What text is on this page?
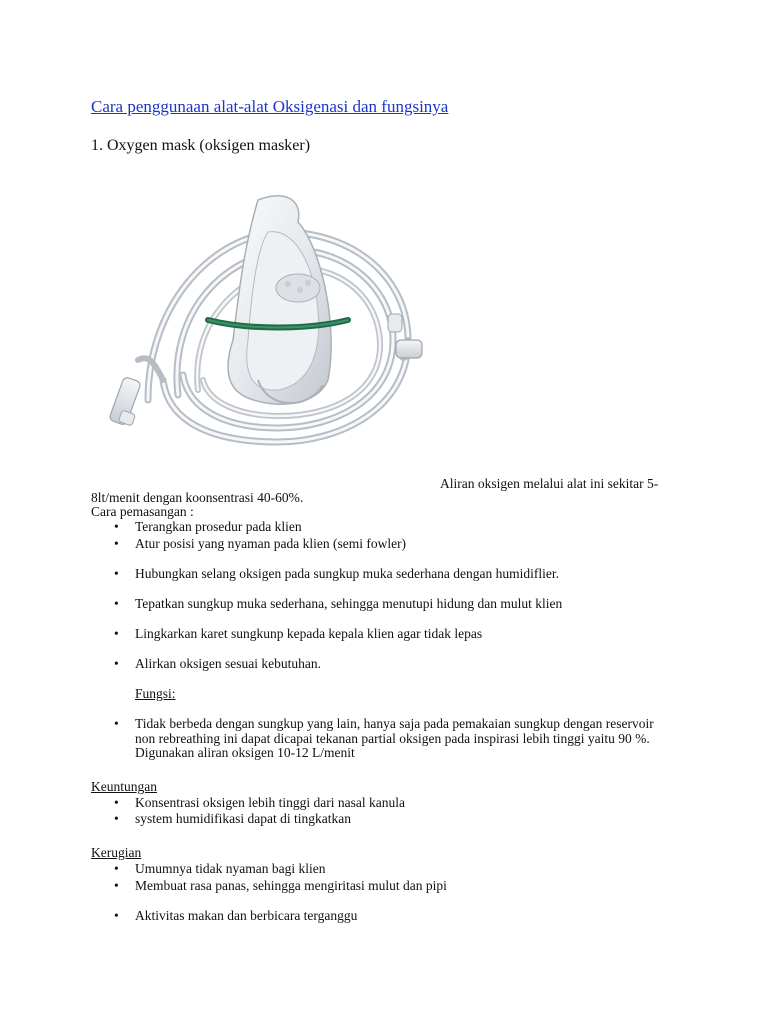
Cara penggunaan alat-alat Oksigenasi dan fungsinya
1. Oxygen mask (oksigen masker)
Aliran oksigen melalui alat ini sekitar 5-
8lt/menit dengan koonsentrasi 40-60%.
Cara pemasangan :
• Terangkan prosedur pada klien
• Atur posisi yang nyaman pada klien (semi fowler)
• Hubungkan selang oksigen pada sungkup muka sederhana dengan humidiflier.
• Tepatkan sungkup muka sederhana, sehingga menutupi hidung dan mulut klien
• Lingkarkan karet sungkunp kepada kepala klien agar tidak lepas
• Alirkan oksigen sesuai kebutuhan.
Fungsi:
• Tidak berbeda dengan sungkup yang lain, hanya saja pada pemakaian sungkup dengan reservoir
non rebreathing ini dapat dicapai tekanan partial oksigen pada inspirasi lebih tinggi yaitu 90 %.
Digunakan aliran oksigen 10-12 L/menit
Keuntungan
• Konsentrasi oksigen lebih tinggi dari nasal kanula
• system humidifikasi dapat di tingkatkan
Kerugian
• Umumnya tidak nyaman bagi klien
• Membuat rasa panas, sehingga mengiritasi mulut dan pipi
• Aktivitas makan dan berbicara terganggu
